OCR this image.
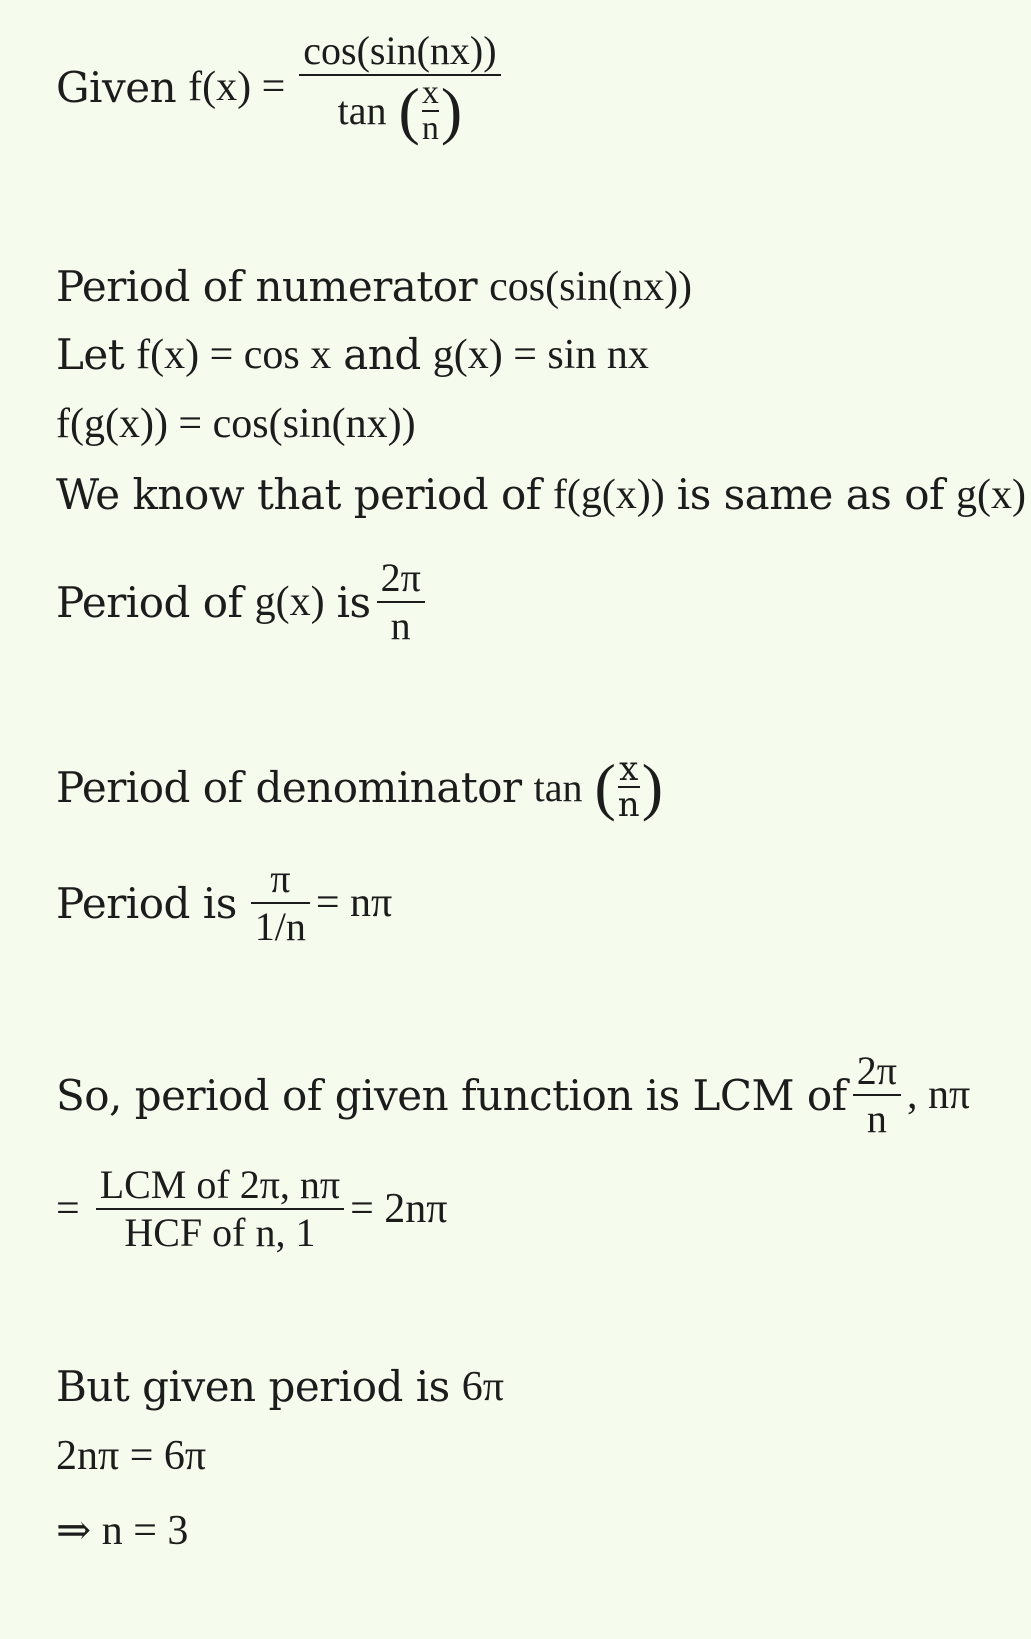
Given f(x) =
cos(sin(nx))
tan ( $\frac{x}{n}$ )
Period of numerator cos(sin(nx))
Let f(x) = cos x and g(x) = sin nx
f(g(x)) = cos(sin(nx))
We know that period of f(g(x)) is same as of g(x)
Period of g(x) is $\frac{2\pi}{n}$
Period of denominator tan ( $\frac{x}{n}$ )
Period is $\frac{\pi}{1/n} = n\pi$
So, period of given function is LCM of $\frac{2\pi}{n}$ , nπ
= $\frac{\text{LCM of 2π, nπ}}{\text{HCF of n, 1}} = 2n\pi$
But given period is 6π
2nπ = 6π
⇒ n = 3
